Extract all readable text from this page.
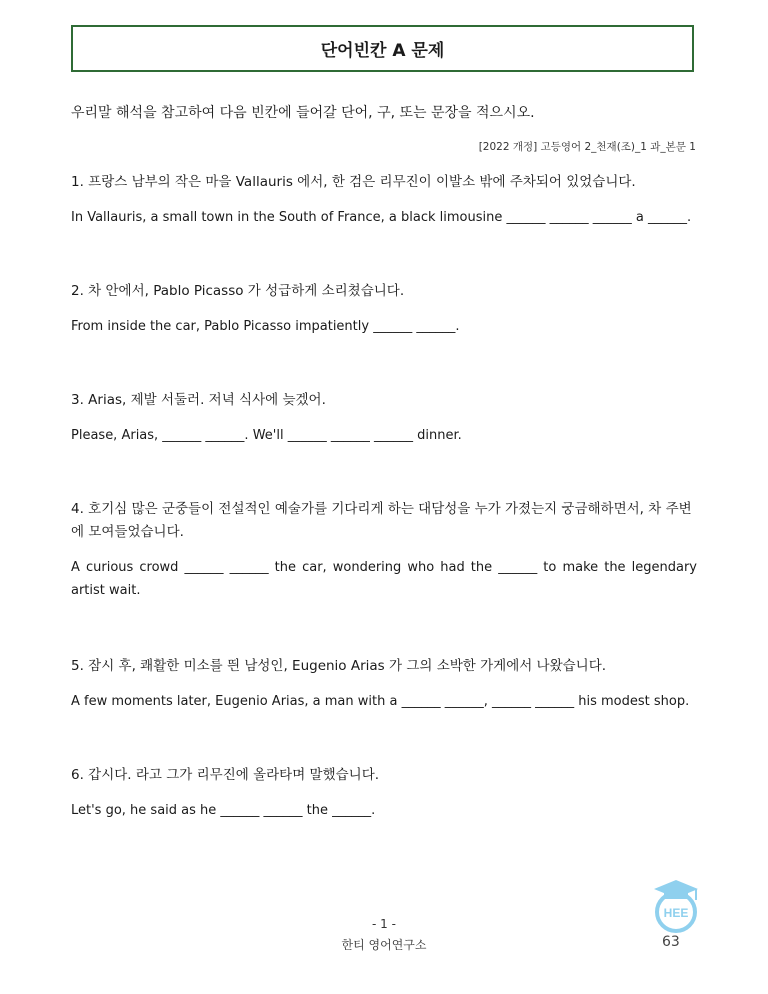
단어빈칸 A 문제
우리말 해석을 참고하여 다음 빈칸에 들어갈 단어, 구, 또는 문장을 적으시오.
[2022 개정] 고등영어 2_천재(조)_1 과_본문 1
1. 프랑스 남부의 작은 마을 Vallauris 에서, 한 검은 리무진이 이발소 밖에 주차되어 있었습니다.
In Vallauris, a small town in the South of France, a black limousine ______ ______ ______ a ______.
2. 차 안에서, Pablo Picasso 가 성급하게 소리쳤습니다.
From inside the car, Pablo Picasso impatiently ______ ______.
3. Arias, 제발 서둘러. 저녁 식사에 늦겠어.
Please, Arias, ______ ______. We'll ______ ______ ______ dinner.
4. 호기심 많은 군중들이 전설적인 예술가를 기다리게 하는 대담성을 누가 가졌는지 궁금해하면서, 차 주변에 모여들었습니다.
A curious crowd ______ ______ the car, wondering who had the ______ to make the legendary artist wait.
5. 잠시 후, 쾌활한 미소를 띈 남성인, Eugenio Arias 가 그의 소박한 가게에서 나왔습니다.
A few moments later, Eugenio Arias, a man with a ______ ______, ______ ______ his modest shop.
6. 갑시다. 라고 그가 리무진에 올라타며 말했습니다.
Let's go, he said as he ______ ______ the ______.
HEE
- 1 -
한티 영어연구소	63
